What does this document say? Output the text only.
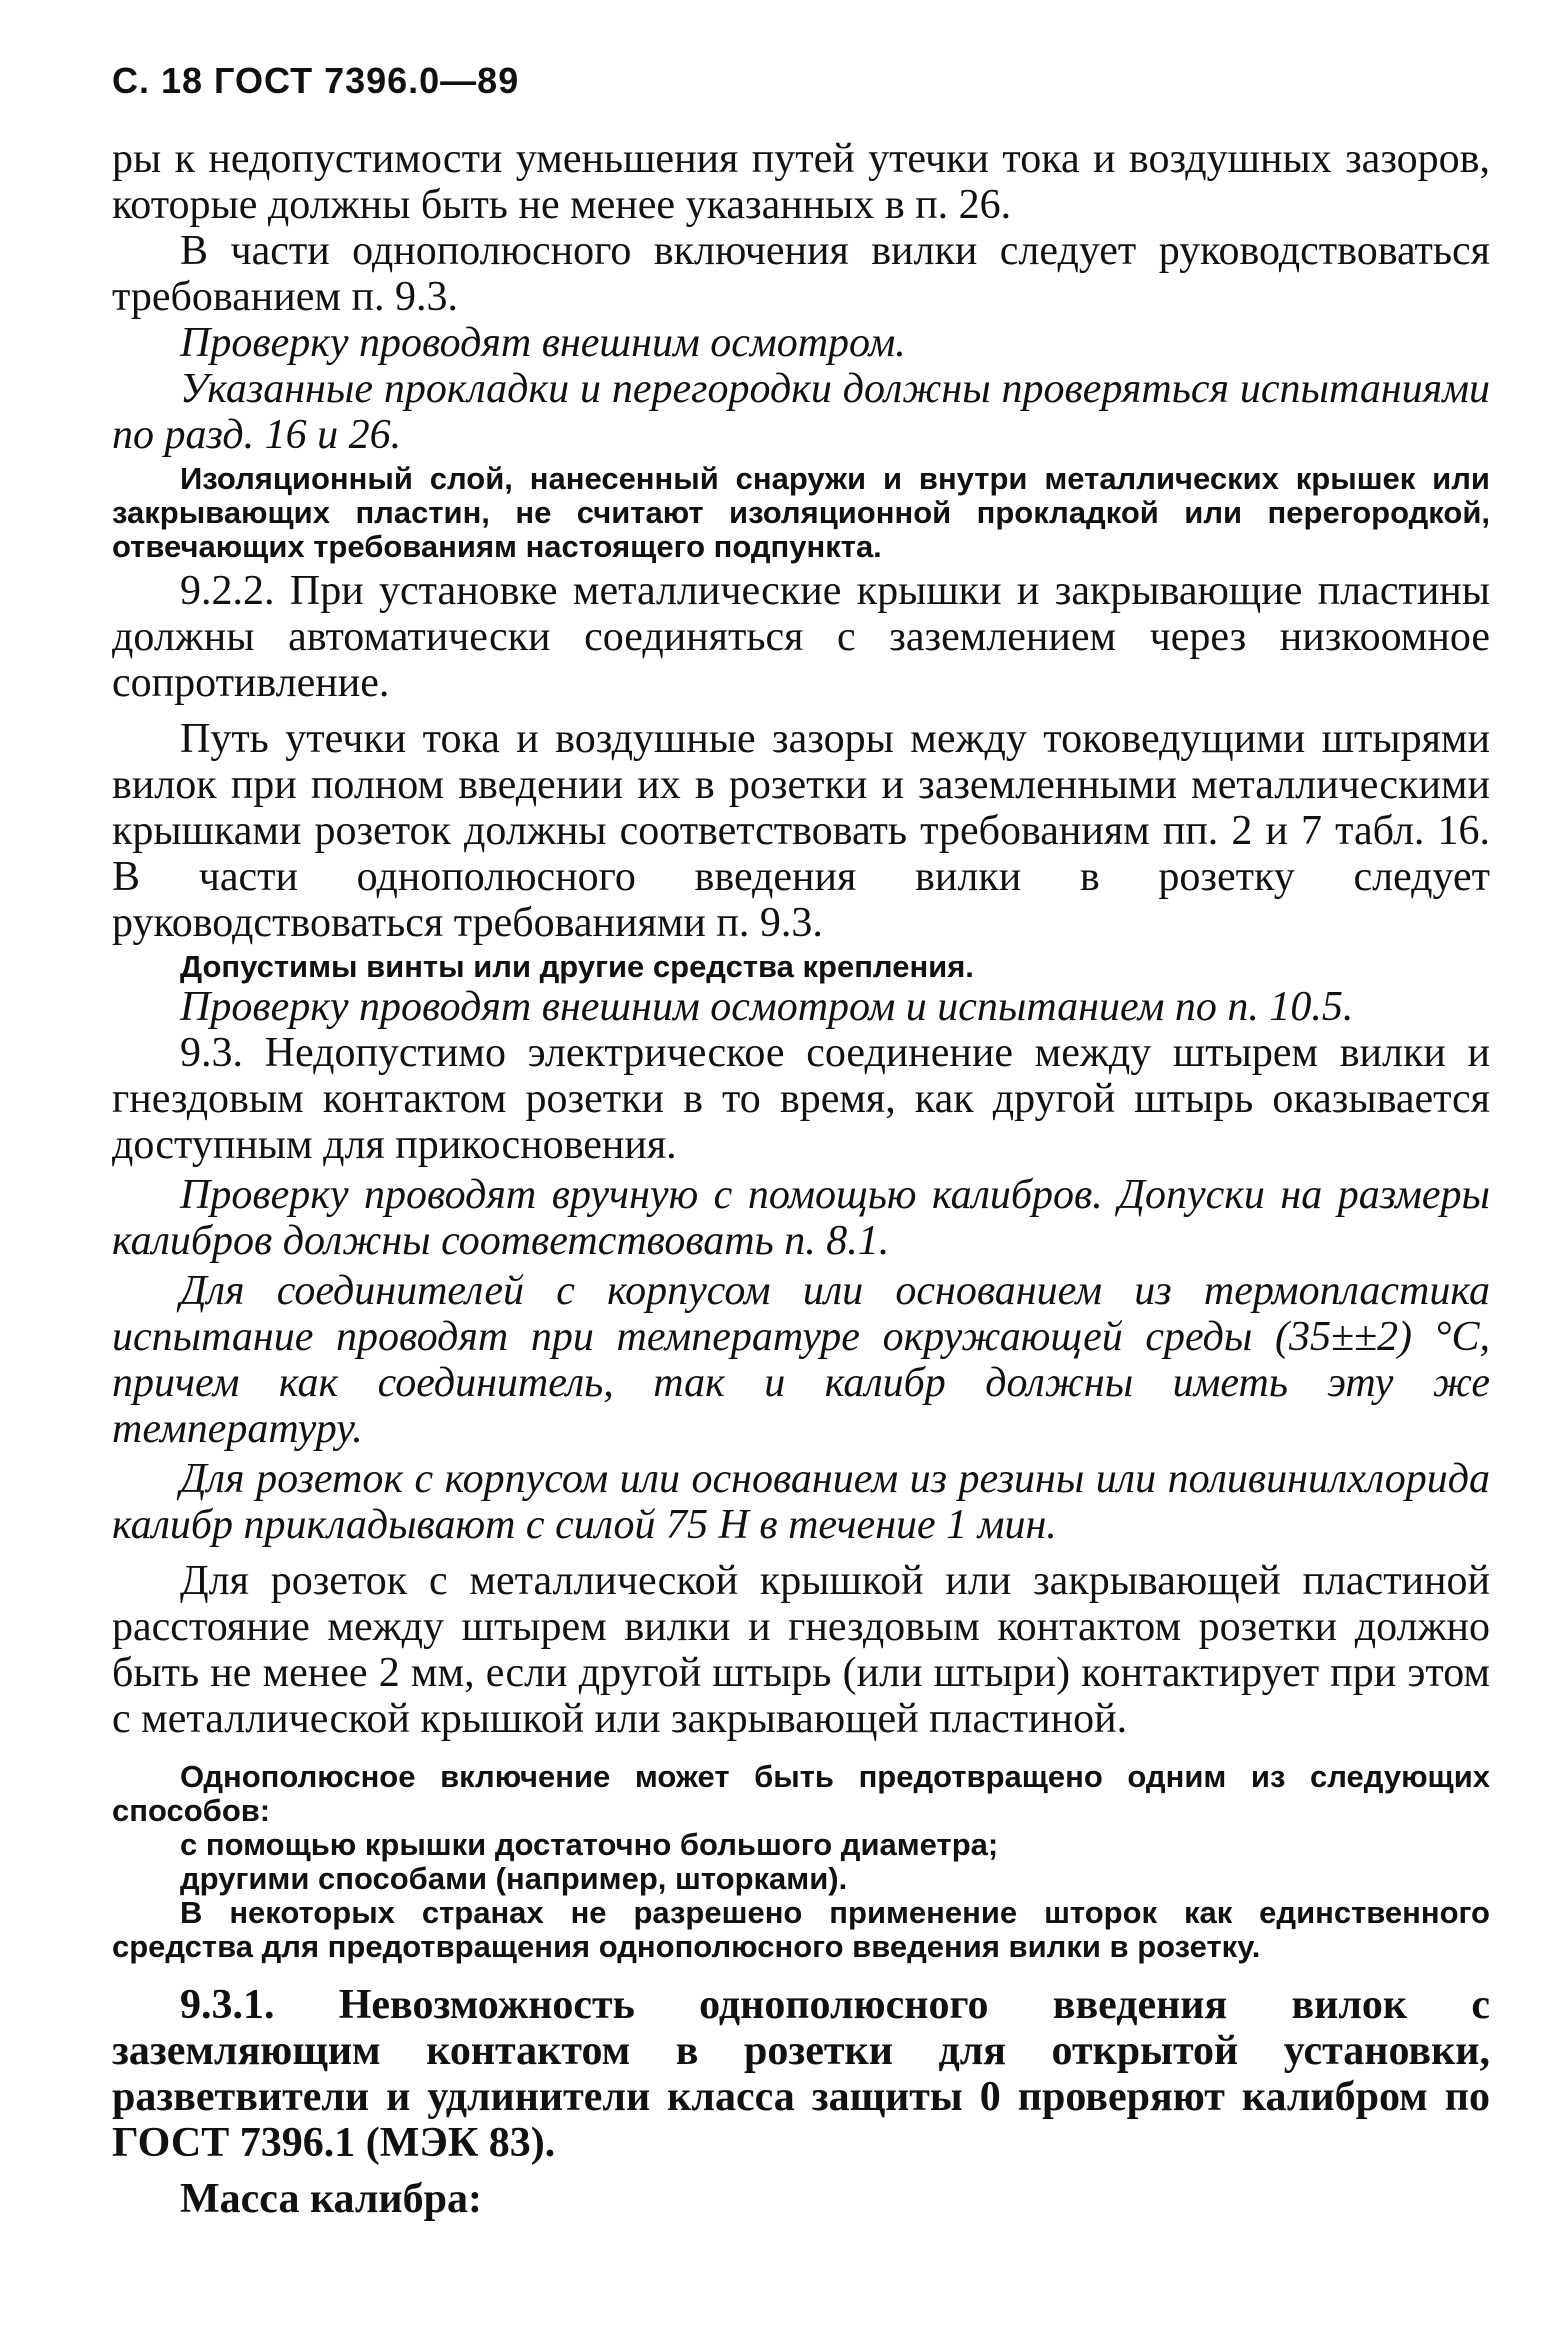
С. 18 ГОСТ 7396.0—89

ры к недопустимости уменьшения путей утечки тока и воздушных зазоров, которые должны быть не менее указанных в п. 26.

В части однополюсного включения вилки следует руководствоваться требованием п. 9.3.

Проверку проводят внешним осмотром.

Указанные прокладки и перегородки должны проверяться испытаниями по разд. 16 и 26.

Изоляционный слой, нанесенный снаружи и внутри металлических крышек или закрывающих пластин, не считают изоляционной прокладкой или перегородкой, отвечающих требованиям настоящего подпункта.

9.2.2. При установке металлические крышки и закрывающие пластины должны автоматически соединяться с заземлением через низкоомное сопротивление.

Путь утечки тока и воздушные зазоры между токоведущими штырями вилок при полном введении их в розетки и заземленными металлическими крышками розеток должны соответствовать требованиям пп. 2 и 7 табл. 16. В части однополюсного введения вилки в розетку следует руководствоваться требованиями п. 9.3.

Допустимы винты или другие средства крепления.

Проверку проводят внешним осмотром и испытанием по п. 10.5.

9.3. Недопустимо электрическое соединение между штырем вилки и гнездовым контактом розетки в то время, как другой штырь оказывается доступным для прикосновения.

Проверку проводят вручную с помощью калибров. Допуски на размеры калибров должны соответствовать п. 8.1.

Для соединителей с корпусом или основанием из термопластика испытание проводят при температуре окружающей среды (35±±2) °С, причем как соединитель, так и калибр должны иметь эту же температуру.

Для розеток с корпусом или основанием из резины или поливинилхлорида калибр прикладывают с силой 75 Н в течение 1 мин.

Для розеток с металлической крышкой или закрывающей пластиной расстояние между штырем вилки и гнездовым контактом розетки должно быть не менее 2 мм, если другой штырь (или штыри) контактирует при этом с металлической крышкой или закрывающей пластиной.

Однополюсное включение может быть предотвращено одним из следующих способов:

с помощью крышки достаточно большого диаметра;

другими способами (например, шторками).

В некоторых странах не разрешено применение шторок как единственного средства для предотвращения однополюсного введения вилки в розетку.

9.3.1. Невозможность однополюсного введения вилок с заземляющим контактом в розетки для открытой установки, разветвители и удлинители класса защиты 0 проверяют калибром по ГОСТ 7396.1 (МЭК 83).

Масса калибра:
